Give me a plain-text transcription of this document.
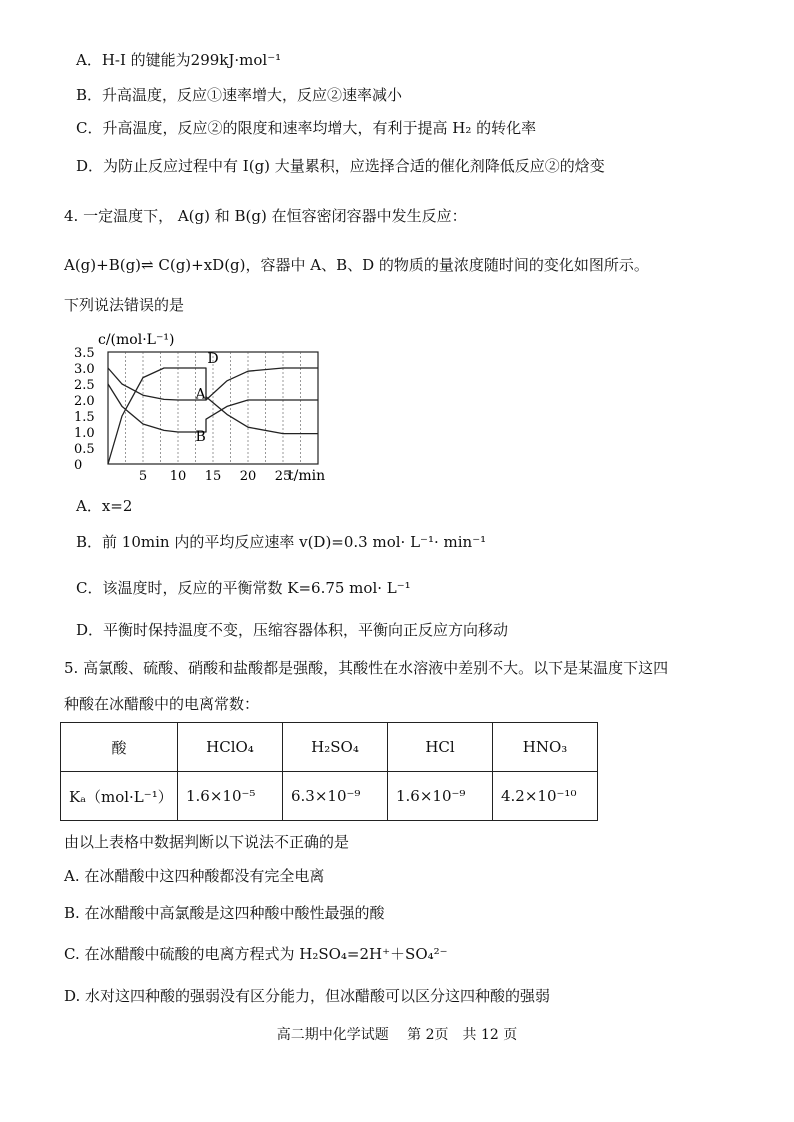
A．H-I 的键能为299kJ·mol⁻¹
B．升高温度，反应①速率增大，反应②速率减小
C．升高温度，反应②的限度和速率均增大，有利于提高 H₂ 的转化率
D．为防止反应过程中有 I(g) 大量累积，应选择合适的催化剂降低反应②的焓变
4. 一定温度下， A(g) 和 B(g) 在恒容密闭容器中发生反应：
A(g)+B(g)⇌ C(g)+xD(g)，容器中 A、B、D 的物质的量浓度随时间的变化如图所示。
下列说法错误的是
D
A
B
0
0.5
1.0
1.5
2.0
2.5
3.0
3.5
5 10 15 20 25
c/(mol·L⁻¹)
t/min
A．x=2
B．前 10min 内的平均反应速率 v(D)=0.3 mol· L⁻¹· min⁻¹
C．该温度时，反应的平衡常数 K=6.75 mol· L⁻¹
D．平衡时保持温度不变，压缩容器体积，平衡向正反应方向移动
5. 高氯酸、硫酸、硝酸和盐酸都是强酸，其酸性在水溶液中差别不大。以下是某温度下这四
种酸在冰醋酸中的电离常数：
酸	HClO₄	H₂SO₄	HCl	HNO₃
Kₐ（mol·L⁻¹）	1.6×10⁻⁵	6.3×10⁻⁹	1.6×10⁻⁹	4.2×10⁻¹⁰
由以上表格中数据判断以下说法不正确的是
A. 在冰醋酸中这四种酸都没有完全电离
B. 在冰醋酸中高氯酸是这四种酸中酸性最强的酸
C. 在冰醋酸中硫酸的电离方程式为 H₂SO₄=2H⁺＋SO₄²⁻
D. 水对这四种酸的强弱没有区分能力，但冰醋酸可以区分这四种酸的强弱
高二期中化学试题　 第 2页　共 12 页
